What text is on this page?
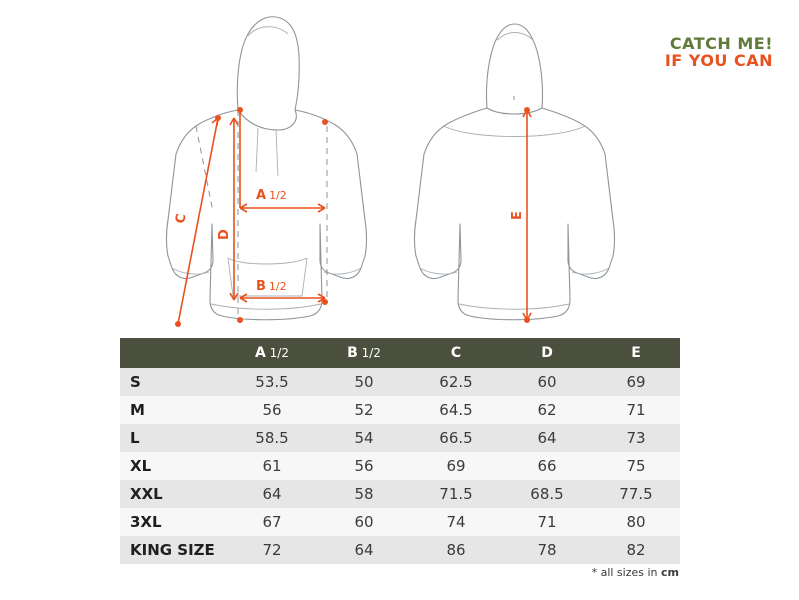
CATCH ME!
IF YOU CAN
A 1/2
B 1/2
C
D
E
	A 1/2	B 1/2	C	D	E
S	53.5	50	62.5	60	69
M	56	52	64.5	62	71
L	58.5	54	66.5	64	73
XL	61	56	69	66	75
XXL	64	58	71.5	68.5	77.5
3XL	67	60	74	71	80
KING SIZE	72	64	86	78	82
* all sizes in cm
